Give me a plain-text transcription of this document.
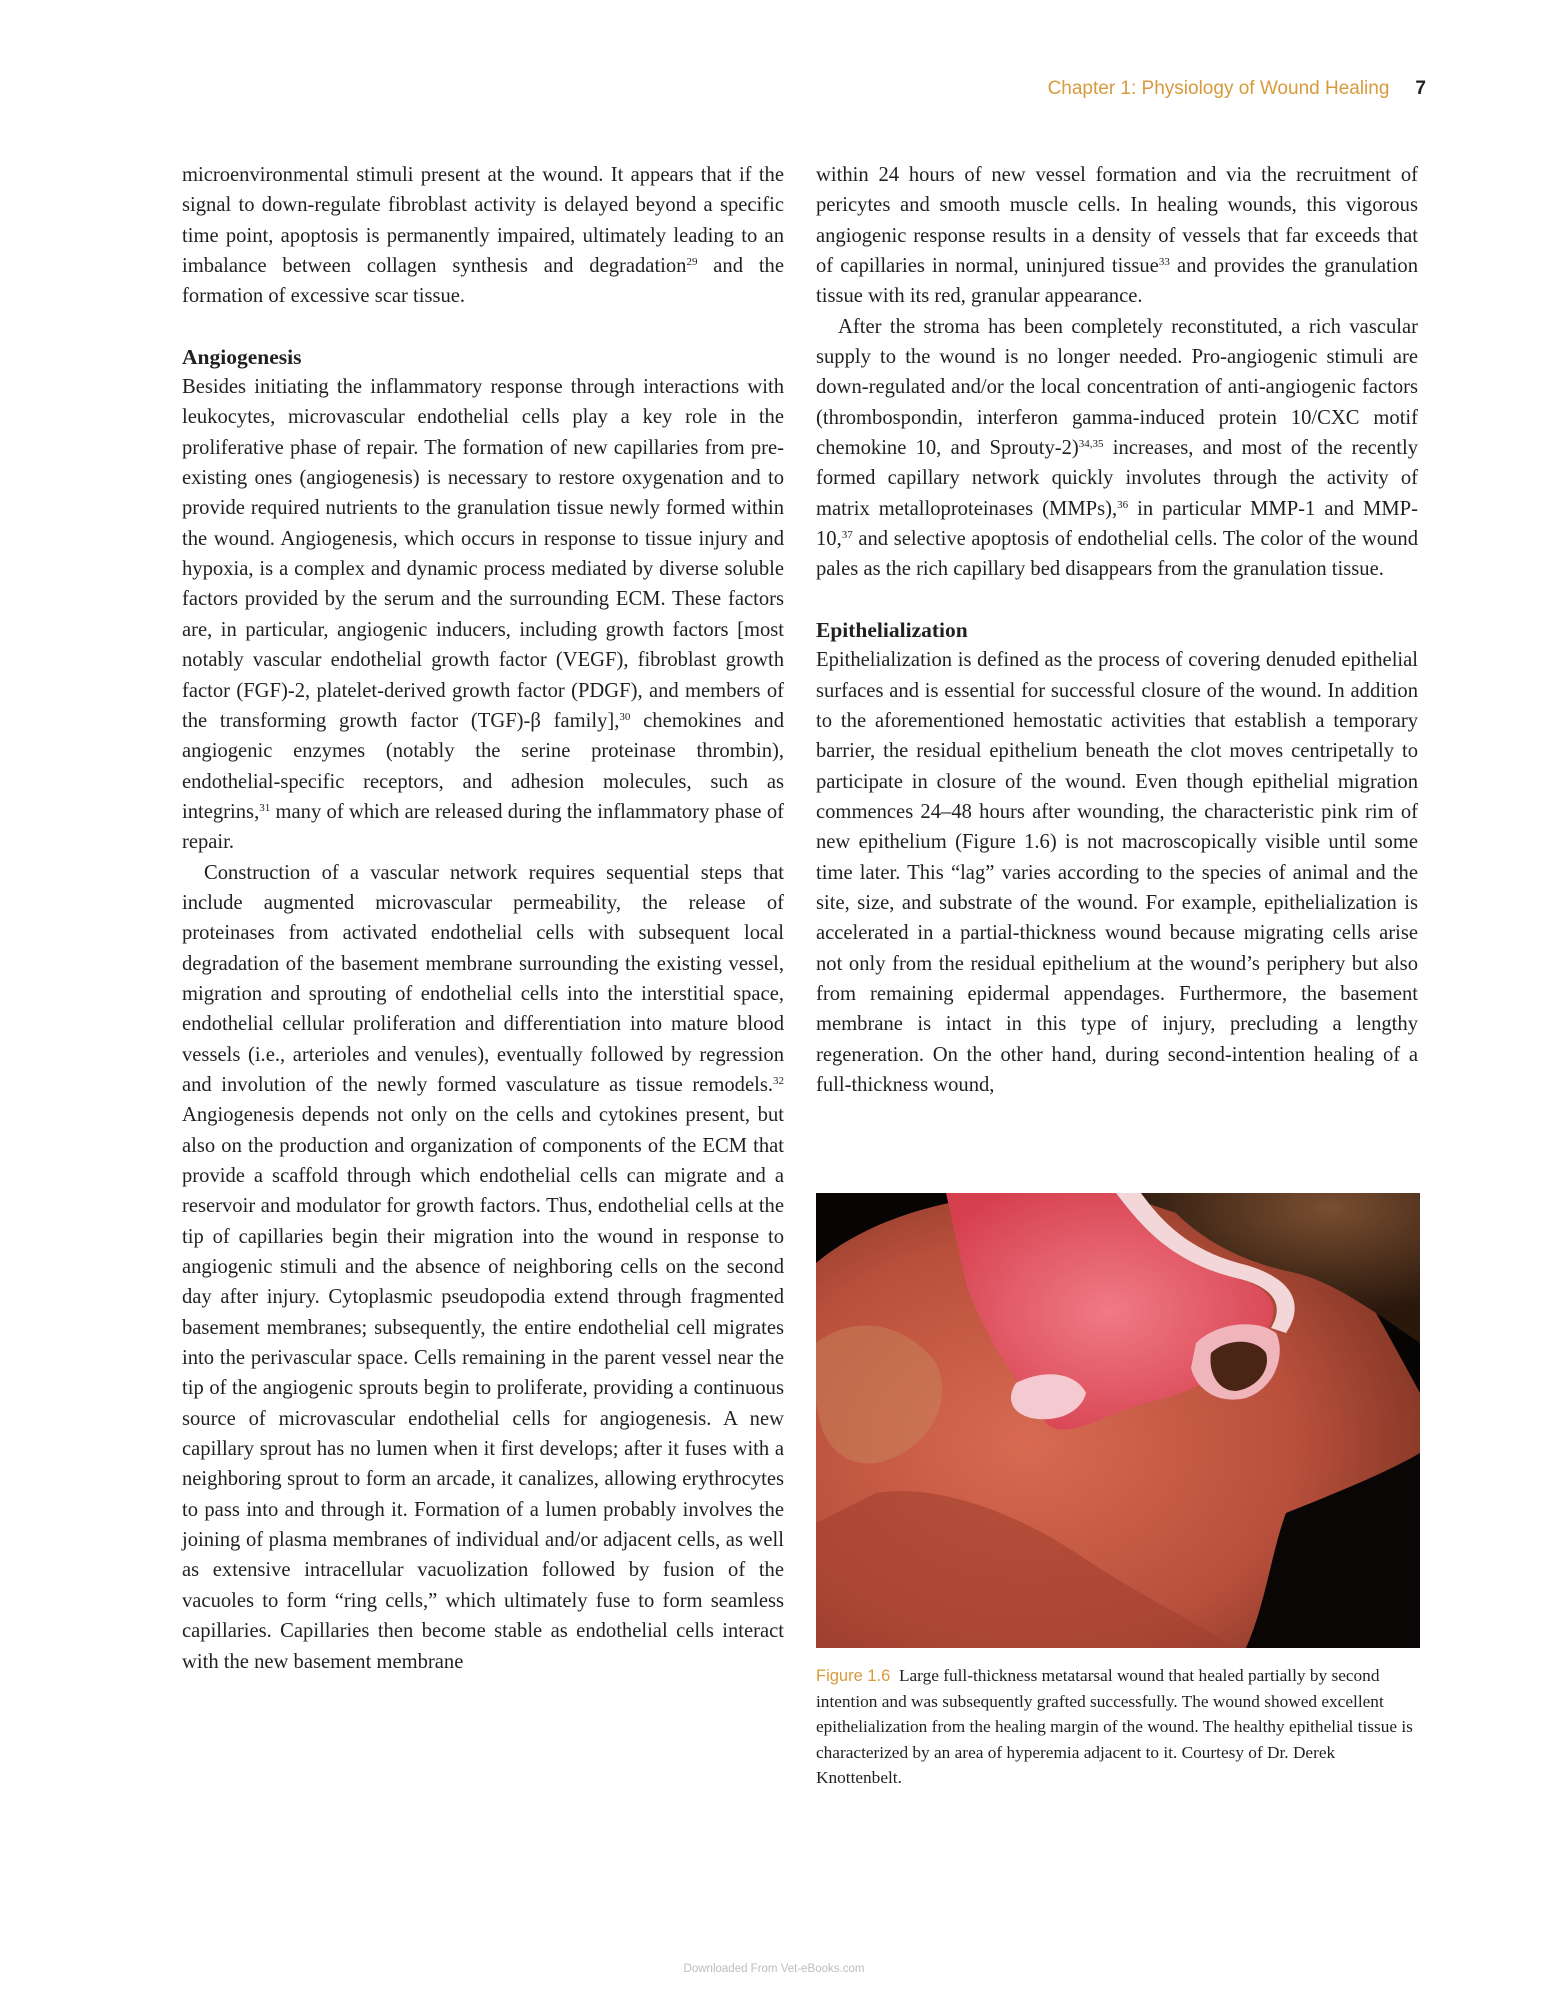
Chapter 1: Physiology of Wound Healing 7

microenvironmental stimuli present at the wound. It appears that if the signal to down-regulate fibroblast activity is delayed beyond a specific time point, apoptosis is permanently impaired, ultimately leading to an imbalance between collagen synthesis and degradation$^{29}$ and the formation of excessive scar tissue.

Angiogenesis

Besides initiating the inflammatory response through interactions with leukocytes, microvascular endothelial cells play a key role in the proliferative phase of repair. The formation of new capillaries from pre-existing ones (angiogenesis) is necessary to restore oxygenation and to provide required nutrients to the granulation tissue newly formed within the wound. Angiogenesis, which occurs in response to tissue injury and hypoxia, is a complex and dynamic process mediated by diverse soluble factors provided by the serum and the surrounding ECM. These factors are, in particular, angiogenic inducers, including growth factors [most notably vascular endothelial growth factor (VEGF), fibroblast growth factor (FGF)-2, platelet-derived growth factor (PDGF), and members of the transforming growth factor (TGF)-β family],$^{30}$ chemokines and angiogenic enzymes (notably the serine proteinase thrombin), endothelial-specific receptors, and adhesion molecules, such as integrins,$^{31}$ many of which are released during the inflammatory phase of repair.

Construction of a vascular network requires sequential steps that include augmented microvascular permeability, the release of proteinases from activated endothelial cells with subsequent local degradation of the basement membrane surrounding the existing vessel, migration and sprouting of endothelial cells into the interstitial space, endothelial cellular proliferation and differentiation into mature blood vessels (i.e., arterioles and venules), eventually followed by regression and involution of the newly formed vasculature as tissue remodels.$^{32}$ Angiogenesis depends not only on the cells and cytokines present, but also on the production and organization of components of the ECM that provide a scaffold through which endothelial cells can migrate and a reservoir and modulator for growth factors. Thus, endothelial cells at the tip of capillaries begin their migration into the wound in response to angiogenic stimuli and the absence of neighboring cells on the second day after injury. Cytoplasmic pseudopodia extend through fragmented basement membranes; subsequently, the entire endothelial cell migrates into the perivascular space. Cells remaining in the parent vessel near the tip of the angiogenic sprouts begin to proliferate, providing a continuous source of microvascular endothelial cells for angiogenesis. A new capillary sprout has no lumen when it first develops; after it fuses with a neighboring sprout to form an arcade, it canalizes, allowing erythrocytes to pass into and through it. Formation of a lumen probably involves the joining of plasma membranes of individual and/or adjacent cells, as well as extensive intracellular vacuolization followed by fusion of the vacuoles to form “ring cells,” which ultimately fuse to form seamless capillaries. Capillaries then become stable as endothelial cells interact with the new basement membrane

within 24 hours of new vessel formation and via the recruitment of pericytes and smooth muscle cells. In healing wounds, this vigorous angiogenic response results in a density of vessels that far exceeds that of capillaries in normal, uninjured tissue$^{33}$ and provides the granulation tissue with its red, granular appearance.

After the stroma has been completely reconstituted, a rich vascular supply to the wound is no longer needed. Pro-angiogenic stimuli are down-regulated and/or the local concentration of anti-angiogenic factors (thrombospondin, interferon gamma-induced protein 10/CXC motif chemokine 10, and Sprouty-2)$^{34,35}$ increases, and most of the recently formed capillary network quickly involutes through the activity of matrix metalloproteinases (MMPs),$^{36}$ in particular MMP-1 and MMP-10,37 and selective apoptosis of endothelial cells. The color of the wound pales as the rich capillary bed disappears from the granulation tissue.

Epithelialization

Epithelialization is defined as the process of covering denuded epithelial surfaces and is essential for successful closure of the wound. In addition to the aforementioned hemostatic activities that establish a temporary barrier, the residual epithelium beneath the clot moves centripetally to participate in closure of the wound. Even though epithelial migration commences 24–48 hours after wounding, the characteristic pink rim of new epithelium (Figure 1.6) is not macroscopically visible until some time later. This “lag” varies according to the species of animal and the site, size, and substrate of the wound. For example, epithelialization is accelerated in a partial-thickness wound because migrating cells arise not only from the residual epithelium at the wound’s periphery but also from remaining epidermal appendages. Furthermore, the basement membrane is intact in this type of injury, precluding a lengthy regeneration. On the other hand, during second-intention healing of a full-thickness wound,

Figure 1.6 Large full-thickness metatarsal wound that healed partially by second intention and was subsequently grafted successfully. The wound showed excellent epithelialization from the healing margin of the wound. The healthy epithelial tissue is characterized by an area of hyperemia adjacent to it. Courtesy of Dr. Derek Knottenbelt.
Downloaded From Vet-eBooks.com
